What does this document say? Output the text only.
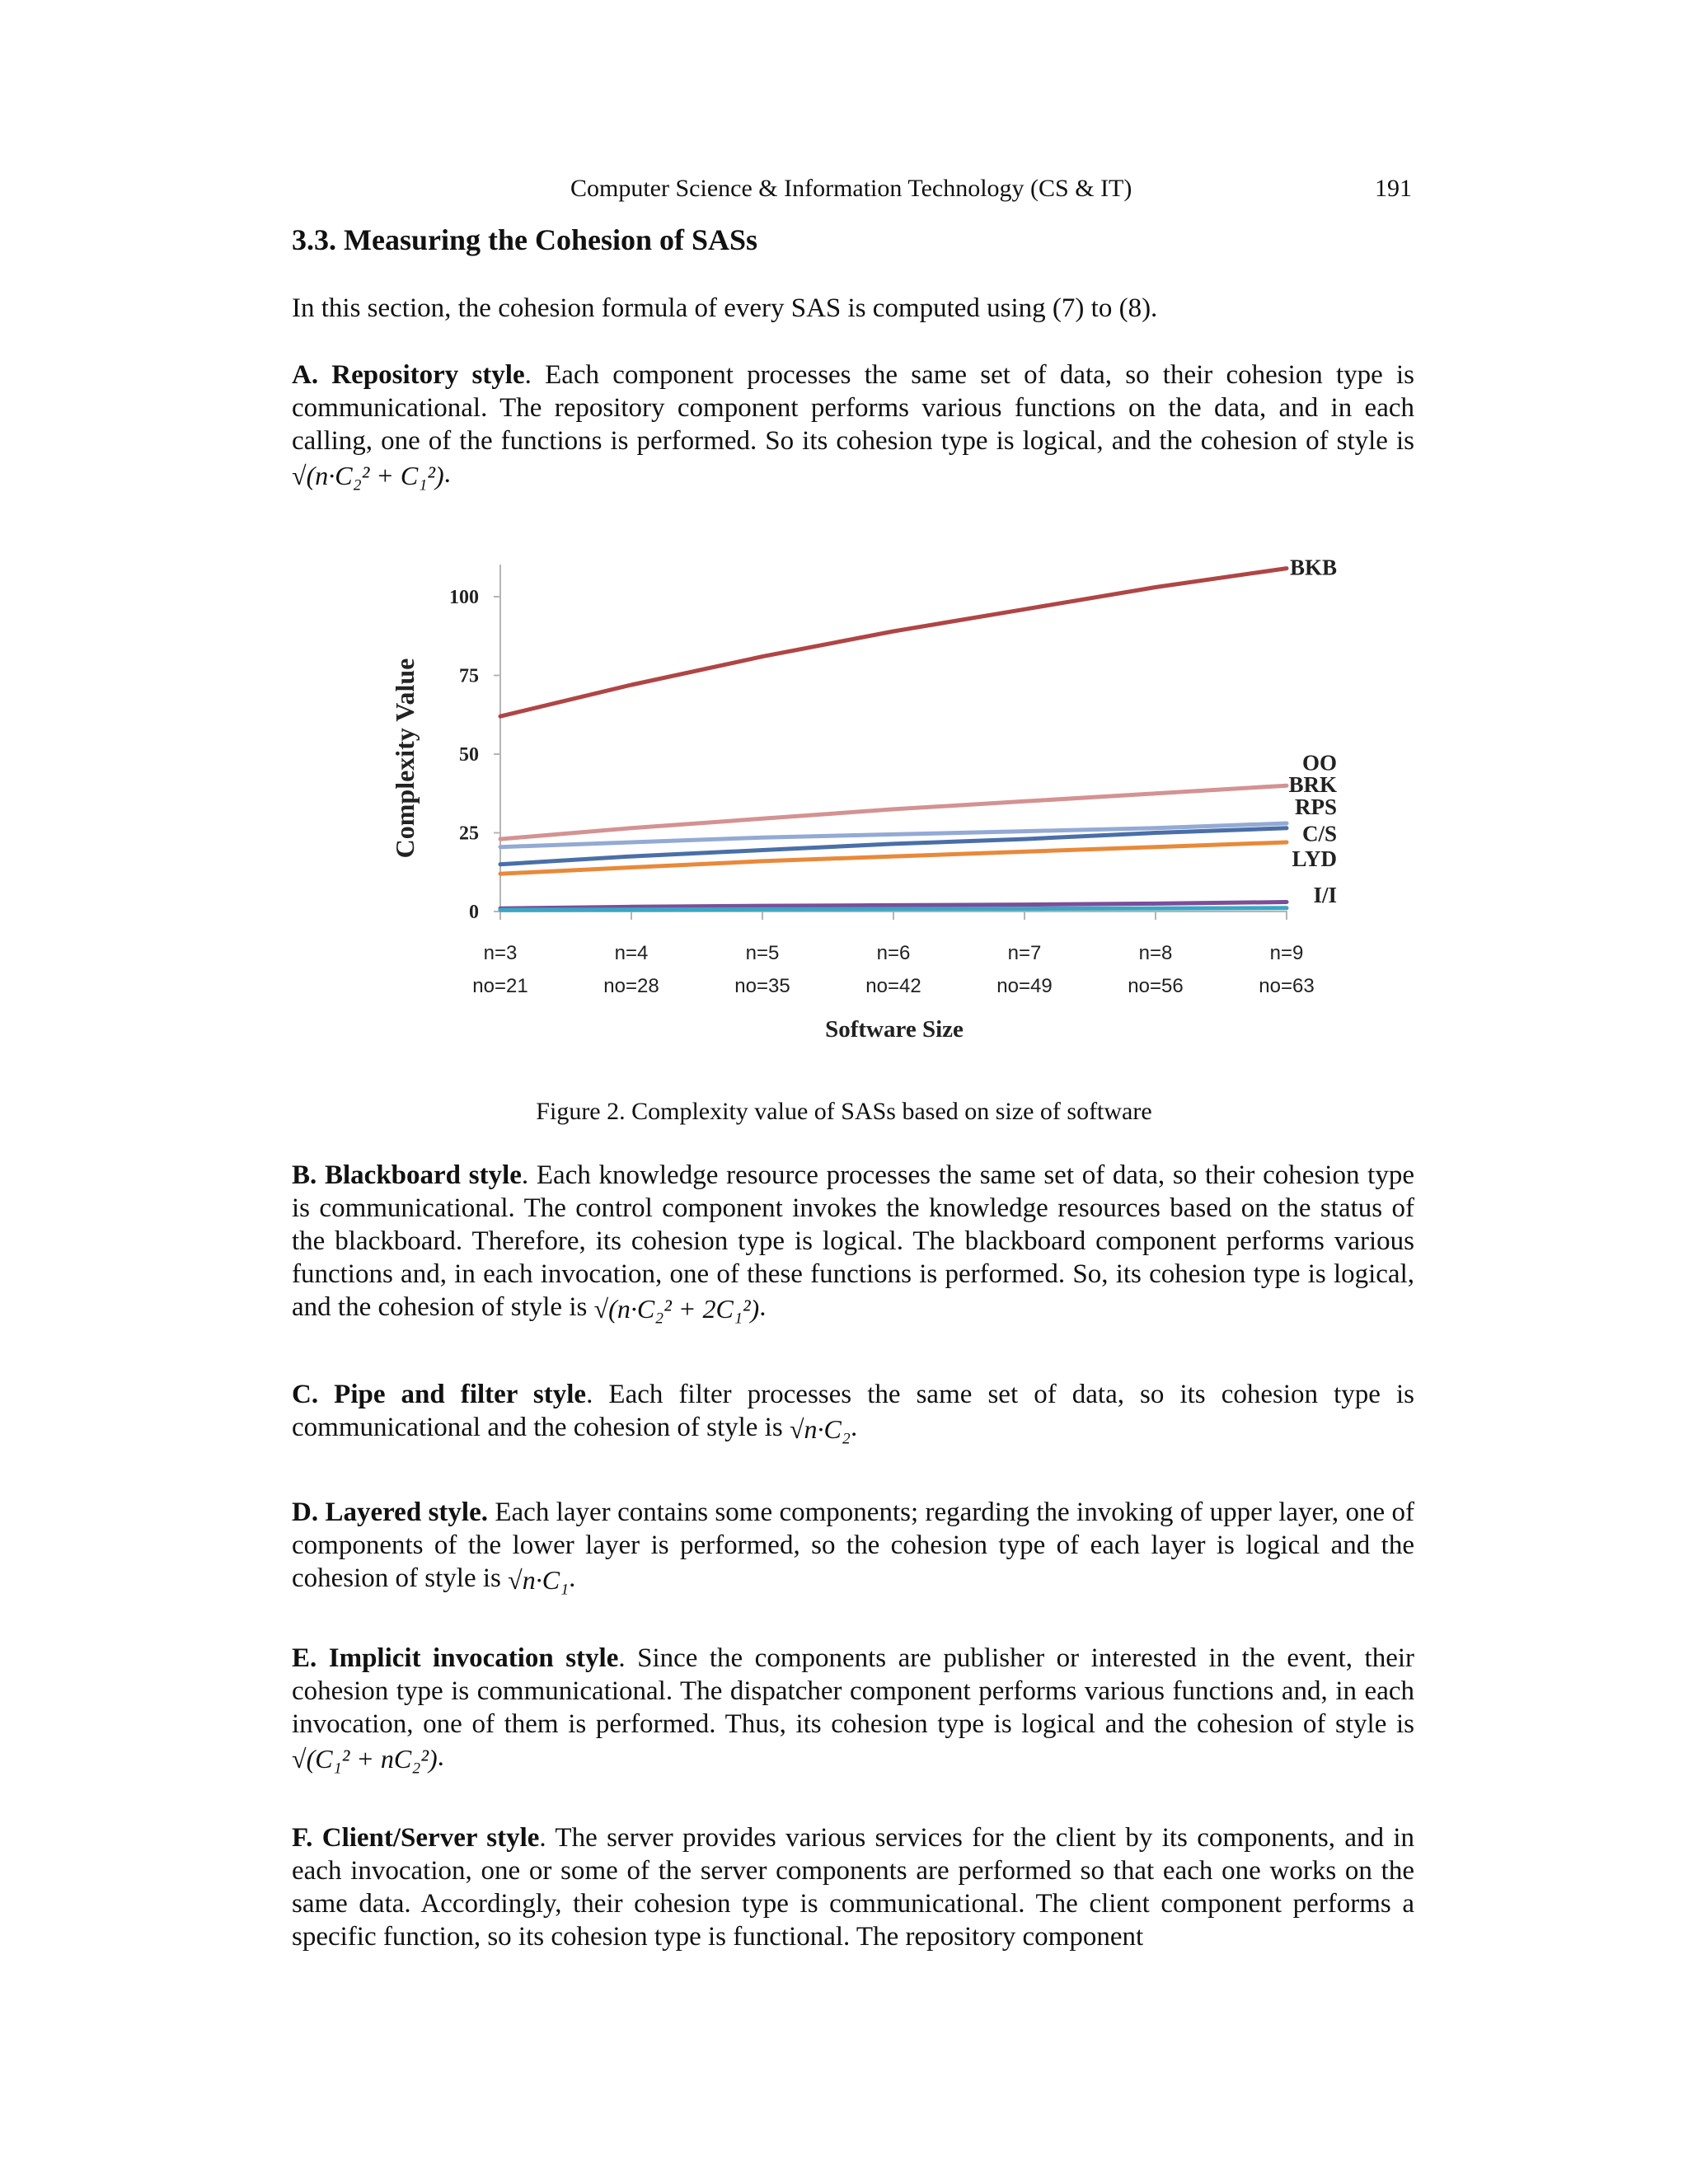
Computer Science & Information Technology (CS & IT)	191
3.3. Measuring the Cohesion of SASs
In this section, the cohesion formula of every SAS is computed using (7) to (8).
A. Repository style. Each component processes the same set of data, so their cohesion type is communicational. The repository component performs various functions on the data, and in each calling, one of the functions is performed. So its cohesion type is logical, and the cohesion of style is √(n·C₂² + C₁²).
Complexity Value
Software Size
0
25
50
75
100
n=3
no=21
n=4
no=28
n=5
no=35
n=6
no=42
n=7
no=49
n=8
no=56
n=9
no=63
BKB
OO
BRK
RPS
C/S
LYD
I/I
Figure 2. Complexity value of SASs based on size of software
B. Blackboard style. Each knowledge resource processes the same set of data, so their cohesion type is communicational. The control component invokes the knowledge resources based on the status of the blackboard. Therefore, its cohesion type is logical. The blackboard component performs various functions and, in each invocation, one of these functions is performed. So, its cohesion type is logical, and the cohesion of style is √(n·C₂² + 2C₁²).
C. Pipe and filter style. Each filter processes the same set of data, so its cohesion type is communicational and the cohesion of style is √n·C₂.
D. Layered style. Each layer contains some components; regarding the invoking of upper layer, one of components of the lower layer is performed, so the cohesion type of each layer is logical and the cohesion of style is √n·C₁.
E. Implicit invocation style. Since the components are publisher or interested in the event, their cohesion type is communicational. The dispatcher component performs various functions and, in each invocation, one of them is performed. Thus, its cohesion type is logical and the cohesion of style is √(C₁² + nC₂²).
F. Client/Server style. The server provides various services for the client by its components, and in each invocation, one or some of the server components are performed so that each one works on the same data. Accordingly, their cohesion type is communicational. The client component performs a specific function, so its cohesion type is functional. The repository component
